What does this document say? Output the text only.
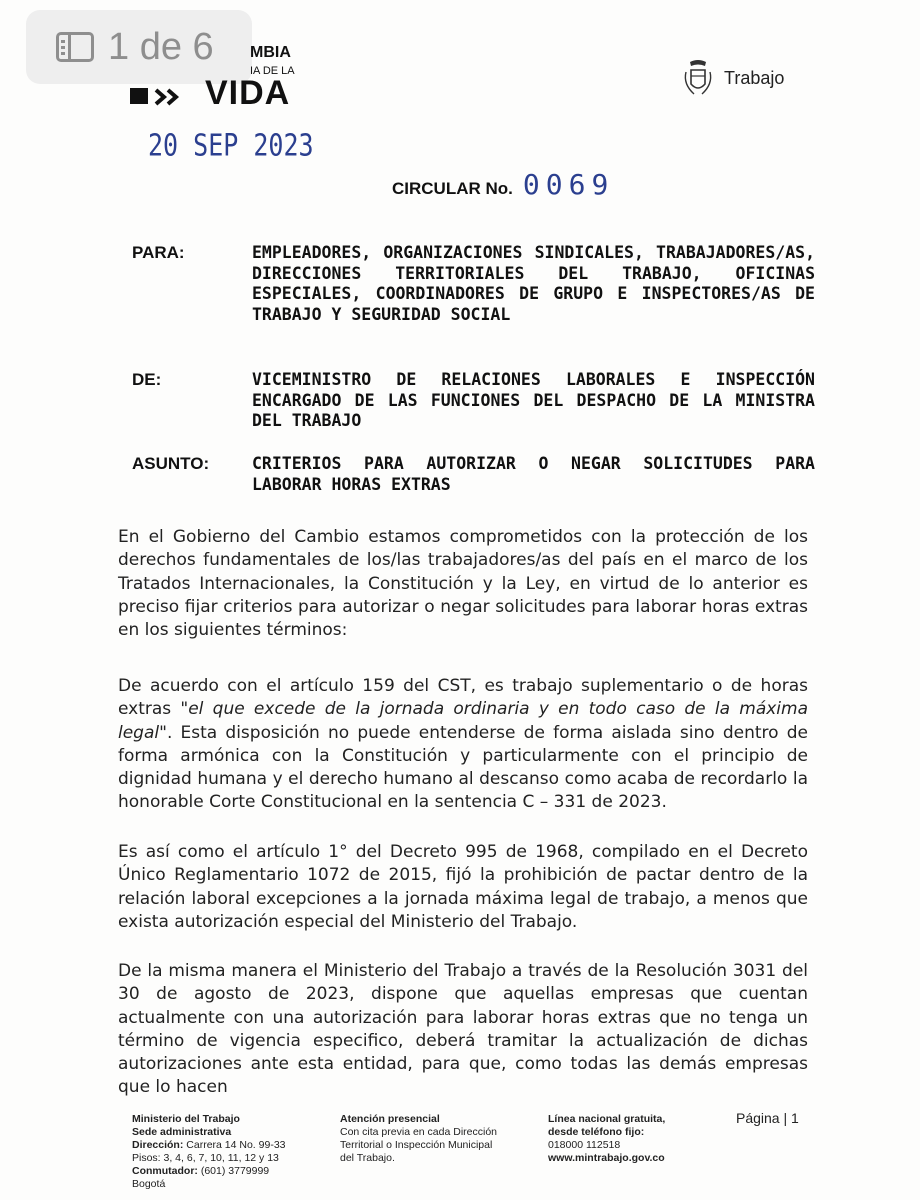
1 de 6 MBIA
IA DE LA
VIDA	Trabajo
20 SEP 2023
CIRCULAR No. 0069
PARA:	EMPLEADORES, ORGANIZACIONES SINDICALES, TRABAJADORES/AS, DIRECCIONES TERRITORIALES DEL TRABAJO, OFICINAS ESPECIALES, COORDINADORES DE GRUPO E INSPECTORES/AS DE TRABAJO Y SEGURIDAD SOCIAL
DE:	VICEMINISTRO DE RELACIONES LABORALES E INSPECCIÓN ENCARGADO DE LAS FUNCIONES DEL DESPACHO DE LA MINISTRA DEL TRABAJO
ASUNTO:	CRITERIOS PARA AUTORIZAR O NEGAR SOLICITUDES PARA LABORAR HORAS EXTRAS

En el Gobierno del Cambio estamos comprometidos con la protección de los derechos fundamentales de los/las trabajadores/as del país en el marco de los Tratados Internacionales, la Constitución y la Ley, en virtud de lo anterior es preciso fijar criterios para autorizar o negar solicitudes para laborar horas extras en los siguientes términos:

De acuerdo con el artículo 159 del CST, es trabajo suplementario o de horas extras "el que excede de la jornada ordinaria y en todo caso de la máxima legal". Esta disposición no puede entenderse de forma aislada sino dentro de forma armónica con la Constitución y particularmente con el principio de dignidad humana y el derecho humano al descanso como acaba de recordarlo la honorable Corte Constitucional en la sentencia C – 331 de 2023.

Es así como el artículo 1° del Decreto 995 de 1968, compilado en el Decreto Único Reglamentario 1072 de 2015, fijó la prohibición de pactar dentro de la relación laboral excepciones a la jornada máxima legal de trabajo, a menos que exista autorización especial del Ministerio del Trabajo.

De la misma manera el Ministerio del Trabajo a través de la Resolución 3031 del 30 de agosto de 2023, dispone que aquellas empresas que cuentan actualmente con una autorización para laborar horas extras que no tenga un término de vigencia especifico, deberá tramitar la actualización de dichas autorizaciones ante esta entidad, para que, como todas las demás empresas que lo hacen

Ministerio del Trabajo
Sede administrativa
Dirección: Carrera 14 No. 99-33
Pisos: 3, 4, 6, 7, 10, 11, 12 y 13
Conmutador: (601) 3779999
Bogotá
Atención presencial
Con cita previa en cada Dirección
Territorial o Inspección Municipal
del Trabajo.
Línea nacional gratuita,
desde teléfono fijo:
018000 112518
www.mintrabajo.gov.co
Página | 1
